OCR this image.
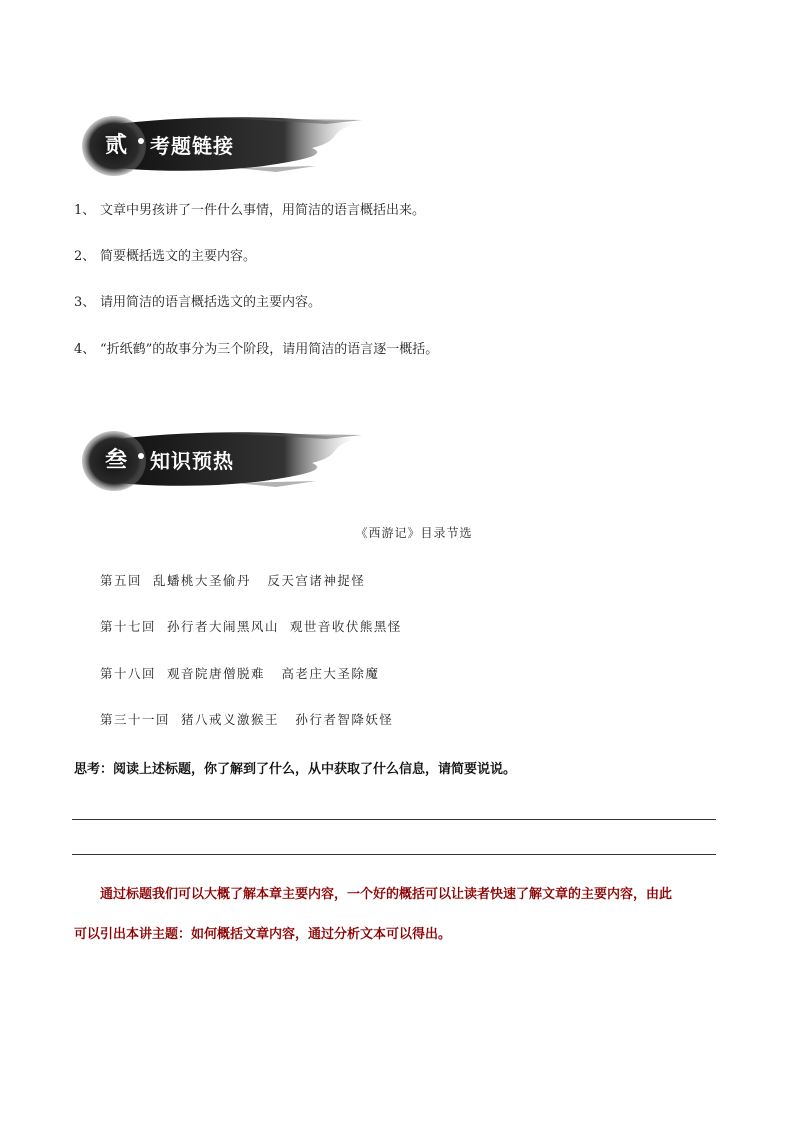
贰	考题链接
1、 文章中男孩讲了一件什么事情，用简洁的语言概括出来。
2、 简要概括选文的主要内容。
3、 请用简洁的语言概括选文的主要内容。
4、 “折纸鹤”的故事分为三个阶段，请用简洁的语言逐一概括。
叁	知识预热
《西游记》目录节选
第五回  乱蟠桃大圣偷丹   反天宫诸神捉怪
第十七回  孙行者大闹黑风山  观世音收伏熊黑怪
第十八回  观音院唐僧脱难   高老庄大圣除魔
第三十一回  猪八戒义激猴王   孙行者智降妖怪
思考：阅读上述标题，你了解到了什么，从中获取了什么信息，请简要说说。

通过标题我们可以大概了解本章主要内容，一个好的概括可以让读者快速了解文章的主要内容，由此

可以引出本讲主题：如何概括文章内容，通过分析文本可以得出。
